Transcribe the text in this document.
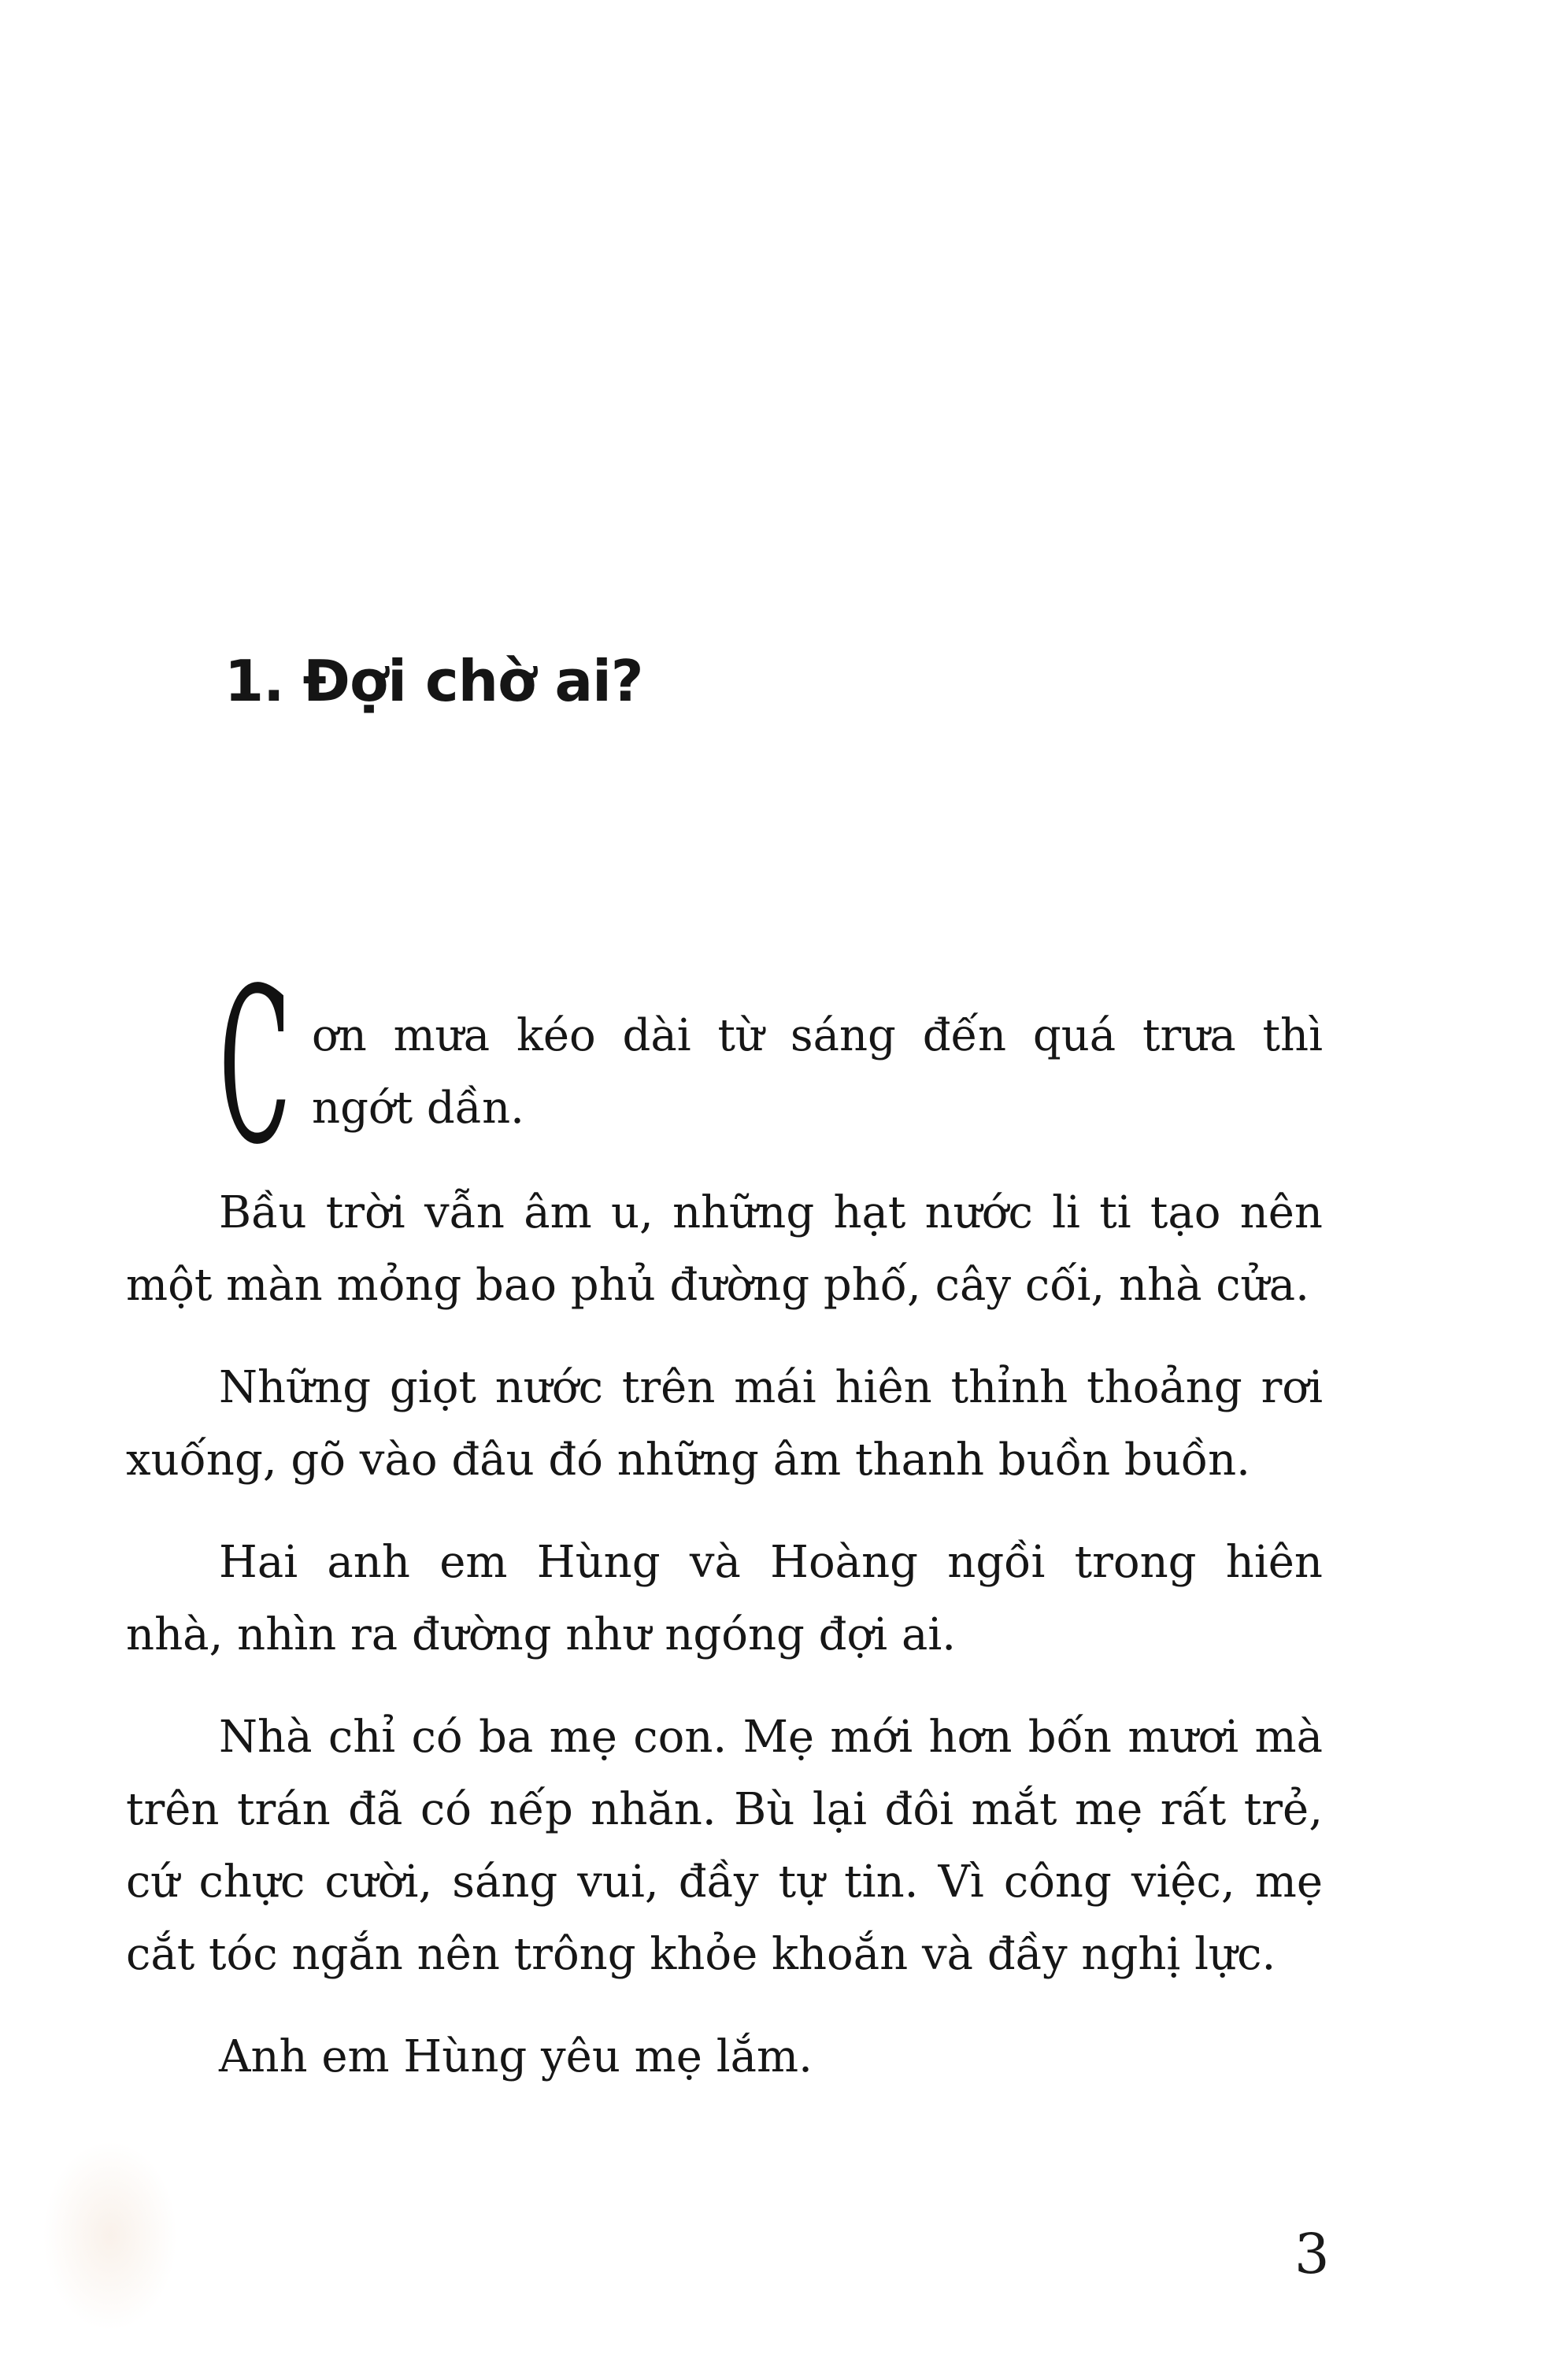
1. Đợi chờ ai?
C ơn mưa kéo dài từ sáng đến quá trưa thì
ngớt dần.
Bầu trời vẫn âm u, những hạt nước li ti tạo nên
một màn mỏng bao phủ đường phố, cây cối, nhà cửa.
Những giọt nước trên mái hiên thỉnh thoảng rơi
xuống, gõ vào đâu đó những âm thanh buồn buồn.
Hai anh em Hùng và Hoàng ngồi trong hiên
nhà, nhìn ra đường như ngóng đợi ai.
Nhà chỉ có ba mẹ con. Mẹ mới hơn bốn mươi mà
trên trán đã có nếp nhăn. Bù lại đôi mắt mẹ rất trẻ,
cứ chực cười, sáng vui, đầy tự tin. Vì công việc, mẹ
cắt tóc ngắn nên trông khỏe khoắn và đầy nghị lực.
Anh em Hùng yêu mẹ lắm.
3
